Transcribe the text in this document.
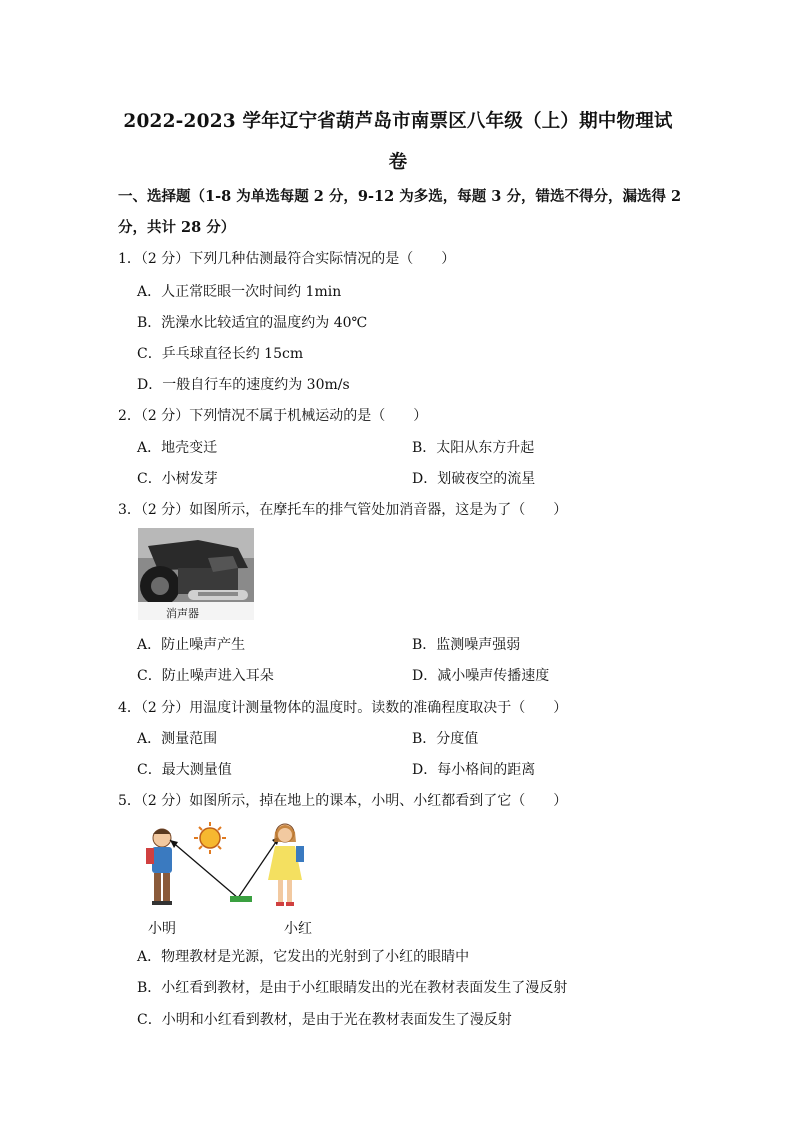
2022-2023 学年辽宁省葫芦岛市南票区八年级（上）期中物理试
卷
一、选择题（1-8 为单选每题 2 分，9-12 为多选，每题 3 分，错选不得分，漏选得 2 分，共计 28 分）
1．（2 分）下列几种估测最符合实际情况的是（　　）
A．人正常眨眼一次时间约 1min
B．洗澡水比较适宜的温度约为 40℃
C．乒乓球直径长约 15cm
D．一般自行车的速度约为 30m/s
2．（2 分）下列情况不属于机械运动的是（　　）
A．地壳变迁	B．太阳从东方升起
C．小树发芽	D．划破夜空的流星
3．（2 分）如图所示，在摩托车的排气管处加消音器，这是为了（　　）
消声器
A．防止噪声产生	B．监测噪声强弱
C．防止噪声进入耳朵	D．减小噪声传播速度
4．（2 分）用温度计测量物体的温度时。读数的准确程度取决于（　　）
A．测量范围	B．分度值
C．最大测量值	D．每小格间的距离
5．（2 分）如图所示，掉在地上的课本，小明、小红都看到了它（　　）
小明	小红
A．物理教材是光源，它发出的光射到了小红的眼睛中
B．小红看到教材，是由于小红眼睛发出的光在教材表面发生了漫反射
C．小明和小红看到教材，是由于光在教材表面发生了漫反射
